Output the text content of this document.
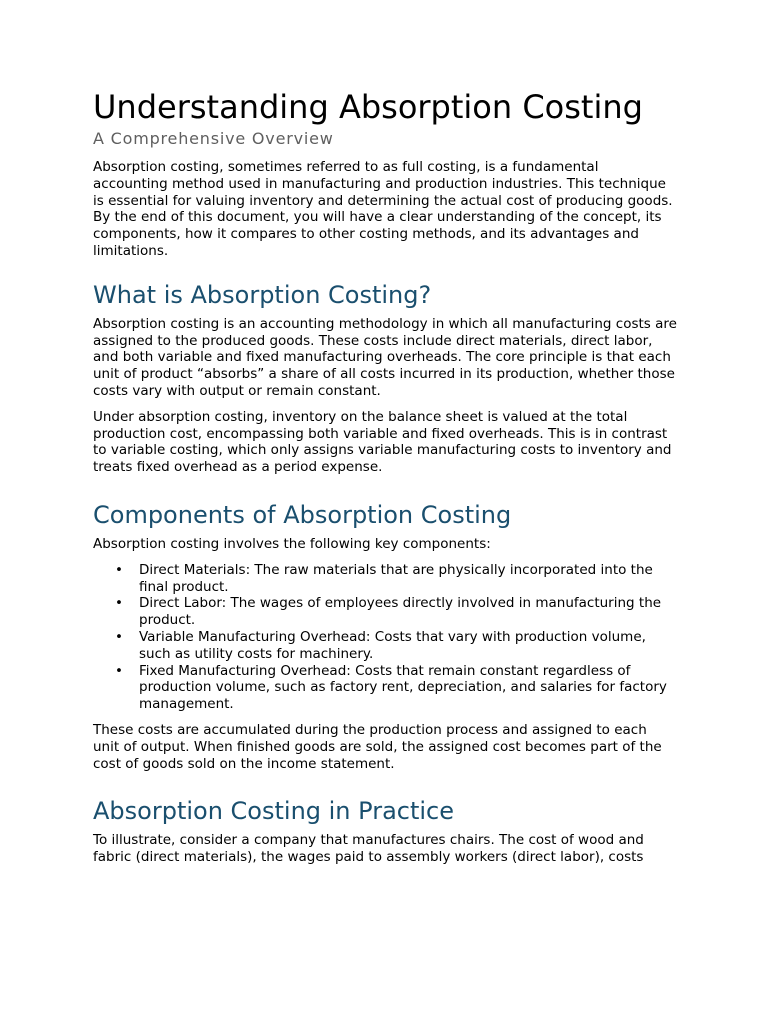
Understanding Absorption Costing
A Comprehensive Overview

Absorption costing, sometimes referred to as full costing, is a fundamental accounting method used in manufacturing and production industries. This technique is essential for valuing inventory and determining the actual cost of producing goods. By the end of this document, you will have a clear understanding of the concept, its components, how it compares to other costing methods, and its advantages and limitations.

What is Absorption Costing?

Absorption costing is an accounting methodology in which all manufacturing costs are assigned to the produced goods. These costs include direct materials, direct labor, and both variable and fixed manufacturing overheads. The core principle is that each unit of product “absorbs” a share of all costs incurred in its production, whether those costs vary with output or remain constant.

Under absorption costing, inventory on the balance sheet is valued at the total production cost, encompassing both variable and fixed overheads. This is in contrast to variable costing, which only assigns variable manufacturing costs to inventory and treats fixed overhead as a period expense.

Components of Absorption Costing

Absorption costing involves the following key components:

• Direct Materials: The raw materials that are physically incorporated into the final product.
• Direct Labor: The wages of employees directly involved in manufacturing the product.
• Variable Manufacturing Overhead: Costs that vary with production volume, such as utility costs for machinery.
• Fixed Manufacturing Overhead: Costs that remain constant regardless of production volume, such as factory rent, depreciation, and salaries for factory management.

These costs are accumulated during the production process and assigned to each unit of output. When finished goods are sold, the assigned cost becomes part of the cost of goods sold on the income statement.

Absorption Costing in Practice

To illustrate, consider a company that manufactures chairs. The cost of wood and fabric (direct materials), the wages paid to assembly workers (direct labor), costs
